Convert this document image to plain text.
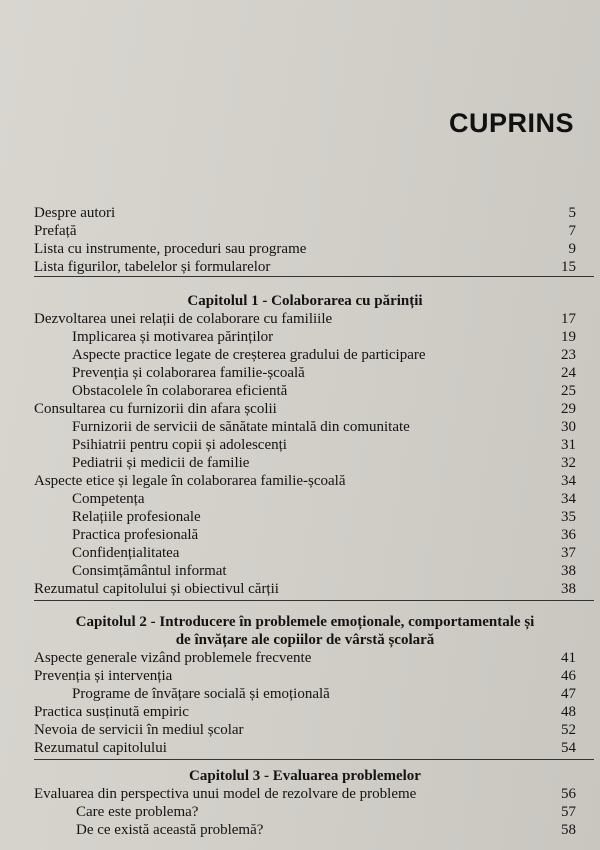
CUPRINS
Despre autori	5
Prefață	7
Lista cu instrumente, proceduri sau programe	9
Lista figurilor, tabelelor și formularelor	15
Capitolul 1 - Colaborarea cu părinții
Dezvoltarea unei relații de colaborare cu familiile	17
Implicarea și motivarea părinților	19
Aspecte practice legate de creșterea gradului de participare	23
Prevenția și colaborarea familie-școală	24
Obstacolele în colaborarea eficientă	25
Consultarea cu furnizorii din afara școlii	29
Furnizorii de servicii de sănătate mintală din comunitate	30
Psihiatrii pentru copii și adolescenți	31
Pediatrii și medicii de familie	32
Aspecte etice și legale în colaborarea familie-școală	34
Competența	34
Relațiile profesionale	35
Practica profesională	36
Confidențialitatea	37
Consimțământul informat	38
Rezumatul capitolului și obiectivul cărții	38
Capitolul 2 - Introducere în problemele emoționale, comportamentale și
de învățare ale copiilor de vârstă școlară
Aspecte generale vizând problemele frecvente	41
Prevenția și intervenția	46
Programe de învățare socială și emoțională	47
Practica susținută empiric	48
Nevoia de servicii în mediul școlar	52
Rezumatul capitolului	54
Capitolul 3 - Evaluarea problemelor
Evaluarea din perspectiva unui model de rezolvare de probleme	56
Care este problema?	57
De ce există această problemă?	58
